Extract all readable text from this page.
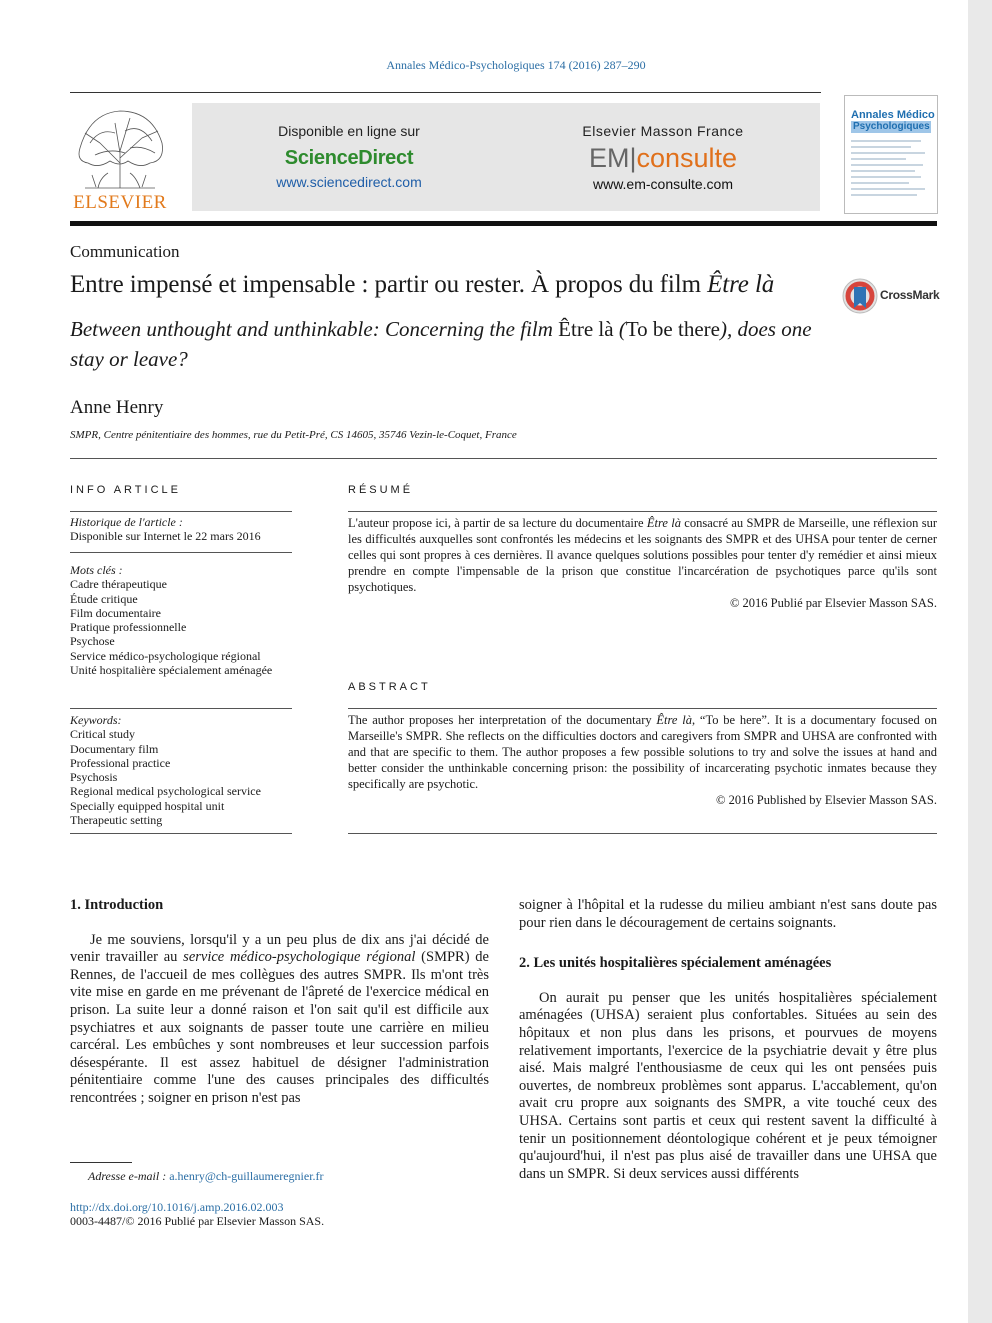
Annales Médico-Psychologiques 174 (2016) 287–290
ELSEVIER
Disponible en ligne sur
ScienceDirect
www.sciencedirect.com
Elsevier Masson France
EM|consulte
www.em-consulte.com
Annales Médico
Psychologiques
Communication
Entre impensé et impensable : partir ou rester. À propos du film Être là
Between unthought and unthinkable: Concerning the film Être là (To be there), does one stay or leave?
CrossMark
Anne Henry
SMPR, Centre pénitentiaire des hommes, rue du Petit-Pré, CS 14605, 35746 Vezin-le-Coquet, France
INFO ARTICLE
Historique de l'article :
Disponible sur Internet le 22 mars 2016
Mots clés :
Cadre thérapeutique
Étude critique
Film documentaire
Pratique professionnelle
Psychose
Service médico-psychologique régional
Unité hospitalière spécialement aménagée
Keywords:
Critical study
Documentary film
Professional practice
Psychosis
Regional medical psychological service
Specially equipped hospital unit
Therapeutic setting
RÉSUMÉ
L'auteur propose ici, à partir de sa lecture du documentaire Être là consacré au SMPR de Marseille, une réflexion sur les difficultés auxquelles sont confrontés les médecins et les soignants des SMPR et des UHSA pour tenter de cerner celles qui sont propres à ces dernières. Il avance quelques solutions possibles pour tenter d'y remédier et ainsi mieux prendre en compte l'impensable de la prison que constitue l'incarcération de psychotiques parce qu'ils sont psychotiques.
© 2016 Publié par Elsevier Masson SAS.
ABSTRACT
The author proposes her interpretation of the documentary Être là, “To be here”. It is a documentary focused on Marseille's SMPR. She reflects on the difficulties doctors and caregivers from SMPR and UHSA are confronted with and that are specific to them. The author proposes a few possible solutions to try and solve the issues at hand and better consider the unthinkable concerning prison: the possibility of incarcerating psychotic inmates because they specifically are psychotic.
© 2016 Published by Elsevier Masson SAS.
1. Introduction

Je me souviens, lorsqu'il y a un peu plus de dix ans j'ai décidé de venir travailler au service médico-psychologique régional (SMPR) de Rennes, de l'accueil de mes collègues des autres SMPR. Ils m'ont très vite mise en garde en me prévenant de l'âpreté de l'exercice médical en prison. La suite leur a donné raison et l'on sait qu'il est difficile aux psychiatres et aux soignants de passer toute une carrière en milieu carcéral. Les embûches y sont nombreuses et leur succession parfois désespérante. Il est assez habituel de désigner l'administration pénitentiaire comme l'une des causes principales des difficultés rencontrées ; soigner en prison n'est pas

soigner à l'hôpital et la rudesse du milieu ambiant n'est sans doute pas pour rien dans le découragement de certains soignants.

2. Les unités hospitalières spécialement aménagées

On aurait pu penser que les unités hospitalières spécialement aménagées (UHSA) seraient plus confortables. Situées au sein des hôpitaux et non plus dans les prisons, et pourvues de moyens relativement importants, l'exercice de la psychiatrie devait y être plus aisé. Mais malgré l'enthousiasme de ceux qui les ont pensées puis ouvertes, de nombreux problèmes sont apparus. L'accablement, qu'on avait cru propre aux soignants des SMPR, a vite touché ceux des UHSA. Certains sont partis et ceux qui restent savent la difficulté à tenir un positionnement déontologique cohérent et je peux témoigner qu'aujourd'hui, il n'est pas plus aisé de travailler dans une UHSA que dans un SMPR. Si deux services aussi différents

Adresse e-mail : a.henry@ch-guillaumeregnier.fr
http://dx.doi.org/10.1016/j.amp.2016.02.003
0003-4487/© 2016 Publié par Elsevier Masson SAS.
